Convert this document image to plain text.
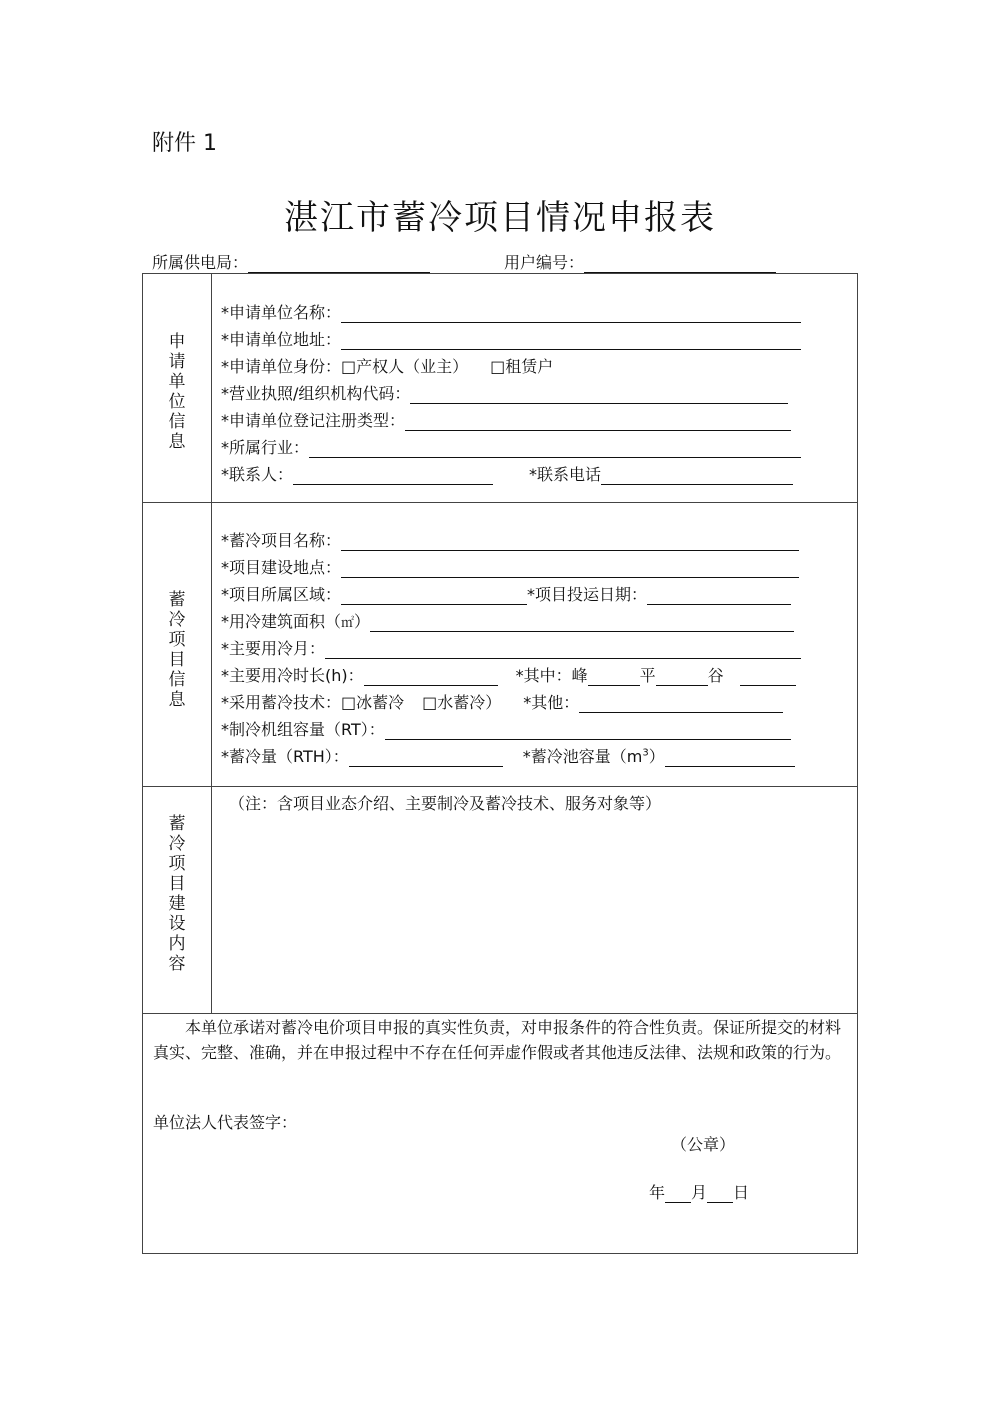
附件 1
湛江市蓄冷项目情况申报表
所属供电局：	用户编号：
申
请
单
位
信
息
*申请单位名称：
*申请单位地址：
*申请单位身份： □产权人（业主） □租赁户
*营业执照/组织机构代码：
*申请单位登记注册类型：
*所属行业：
*联系人：	*联系电话
蓄
冷
项
目
信
息
*蓄冷项目名称：
*项目建设地点：
*项目所属区域：	*项目投运日期：
*用冷建筑面积（㎡）
*主要用冷月：
*主要用冷时长(h)：	*其中：峰	平	谷
*采用蓄冷技术： □冰蓄冷 □水蓄冷） *其他：
*制冷机组容量（RT）：
*蓄冷量（RTH）：	*蓄冷池容量$(m^3)$
蓄
冷
项
目
建
设
内
容
（注：含项目业态介绍、主要制冷及蓄冷技术、服务对象等）
本单位承诺对蓄冷电价项目申报的真实性负责，对申报条件的符合性负责。保证所提交的材料真实、完整、准确，并在申报过程中不存在任何弄虚作假或者其他违反法律、法规和政策的行为。
单位法人代表签字：
（公章）
年 月 日
